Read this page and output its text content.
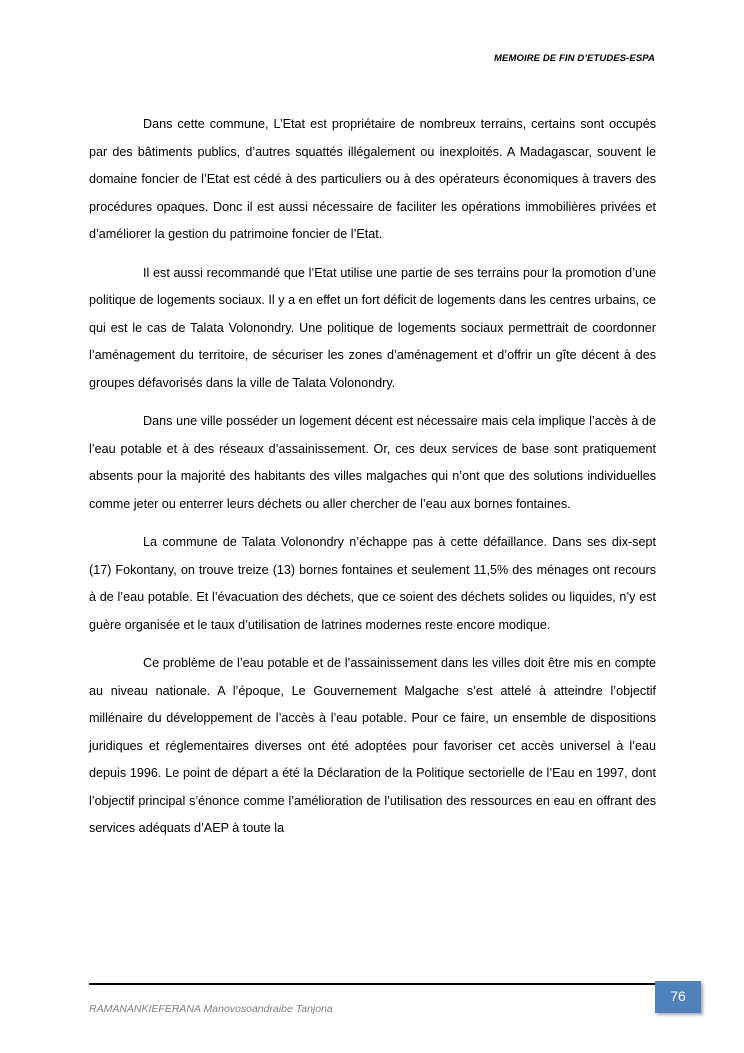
MEMOIRE DE FIN D’ETUDES-ESPA

Dans cette commune, L’Etat est propriétaire de nombreux terrains, certains sont occupés par des bâtiments publics, d’autres squattés illégalement ou inexploités. A Madagascar, souvent le domaine foncier de l’Etat est cédé à des particuliers ou à des opérateurs économiques à travers des procédures opaques. Donc il est aussi nécessaire de faciliter les opérations immobilières privées et d’améliorer la gestion du patrimoine foncier de l’Etat.

Il est aussi recommandé que l’Etat utilise une partie de ses terrains pour la promotion d’une politique de logements sociaux. Il y a en effet un fort déficit de logements dans les centres urbains, ce qui est le cas de Talata Volonondry. Une politique de logements sociaux permettrait de coordonner l’aménagement du territoire, de sécuriser les zones d’aménagement et d’offrir un gîte décent à des groupes défavorisés dans la ville de Talata Volonondry.

Dans une ville posséder un logement décent est nécessaire mais cela implique l’accès à de l’eau potable et à des réseaux d’assainissement. Or, ces deux services de base sont pratiquement absents pour la majorité des habitants des villes malgaches qui n’ont que des solutions individuelles comme jeter ou enterrer leurs déchets ou aller chercher de l’eau aux bornes fontaines.

La commune de Talata Volonondry n’échappe pas à cette défaillance. Dans ses dix-sept (17) Fokontany, on trouve treize (13) bornes fontaines et seulement 11,5% des ménages ont recours à de l’eau potable. Et l’évacuation des déchets, que ce soient des déchets solides ou liquides, n’y est guère organisée et le taux d’utilisation de latrines modernes reste encore modique.

Ce problème de l’eau potable et de l’assainissement dans les villes doit être mis en compte au niveau nationale. A l’époque, Le Gouvernement Malgache s’est attelé à atteindre l’objectif millénaire du développement de l’accès à l’eau potable. Pour ce faire, un ensemble de dispositions juridiques et réglementaires diverses ont été adoptées pour favoriser cet accès universel à l’eau depuis 1996. Le point de départ a été la Déclaration de la Politique sectorielle de l’Eau en 1997, dont l’objectif principal s’énonce comme l’amélioration de l’utilisation des ressources en eau en offrant des services adéquats d’AEP à toute la

RAMANANKIEFERANA Manovosoandraibe Tanjona
76
